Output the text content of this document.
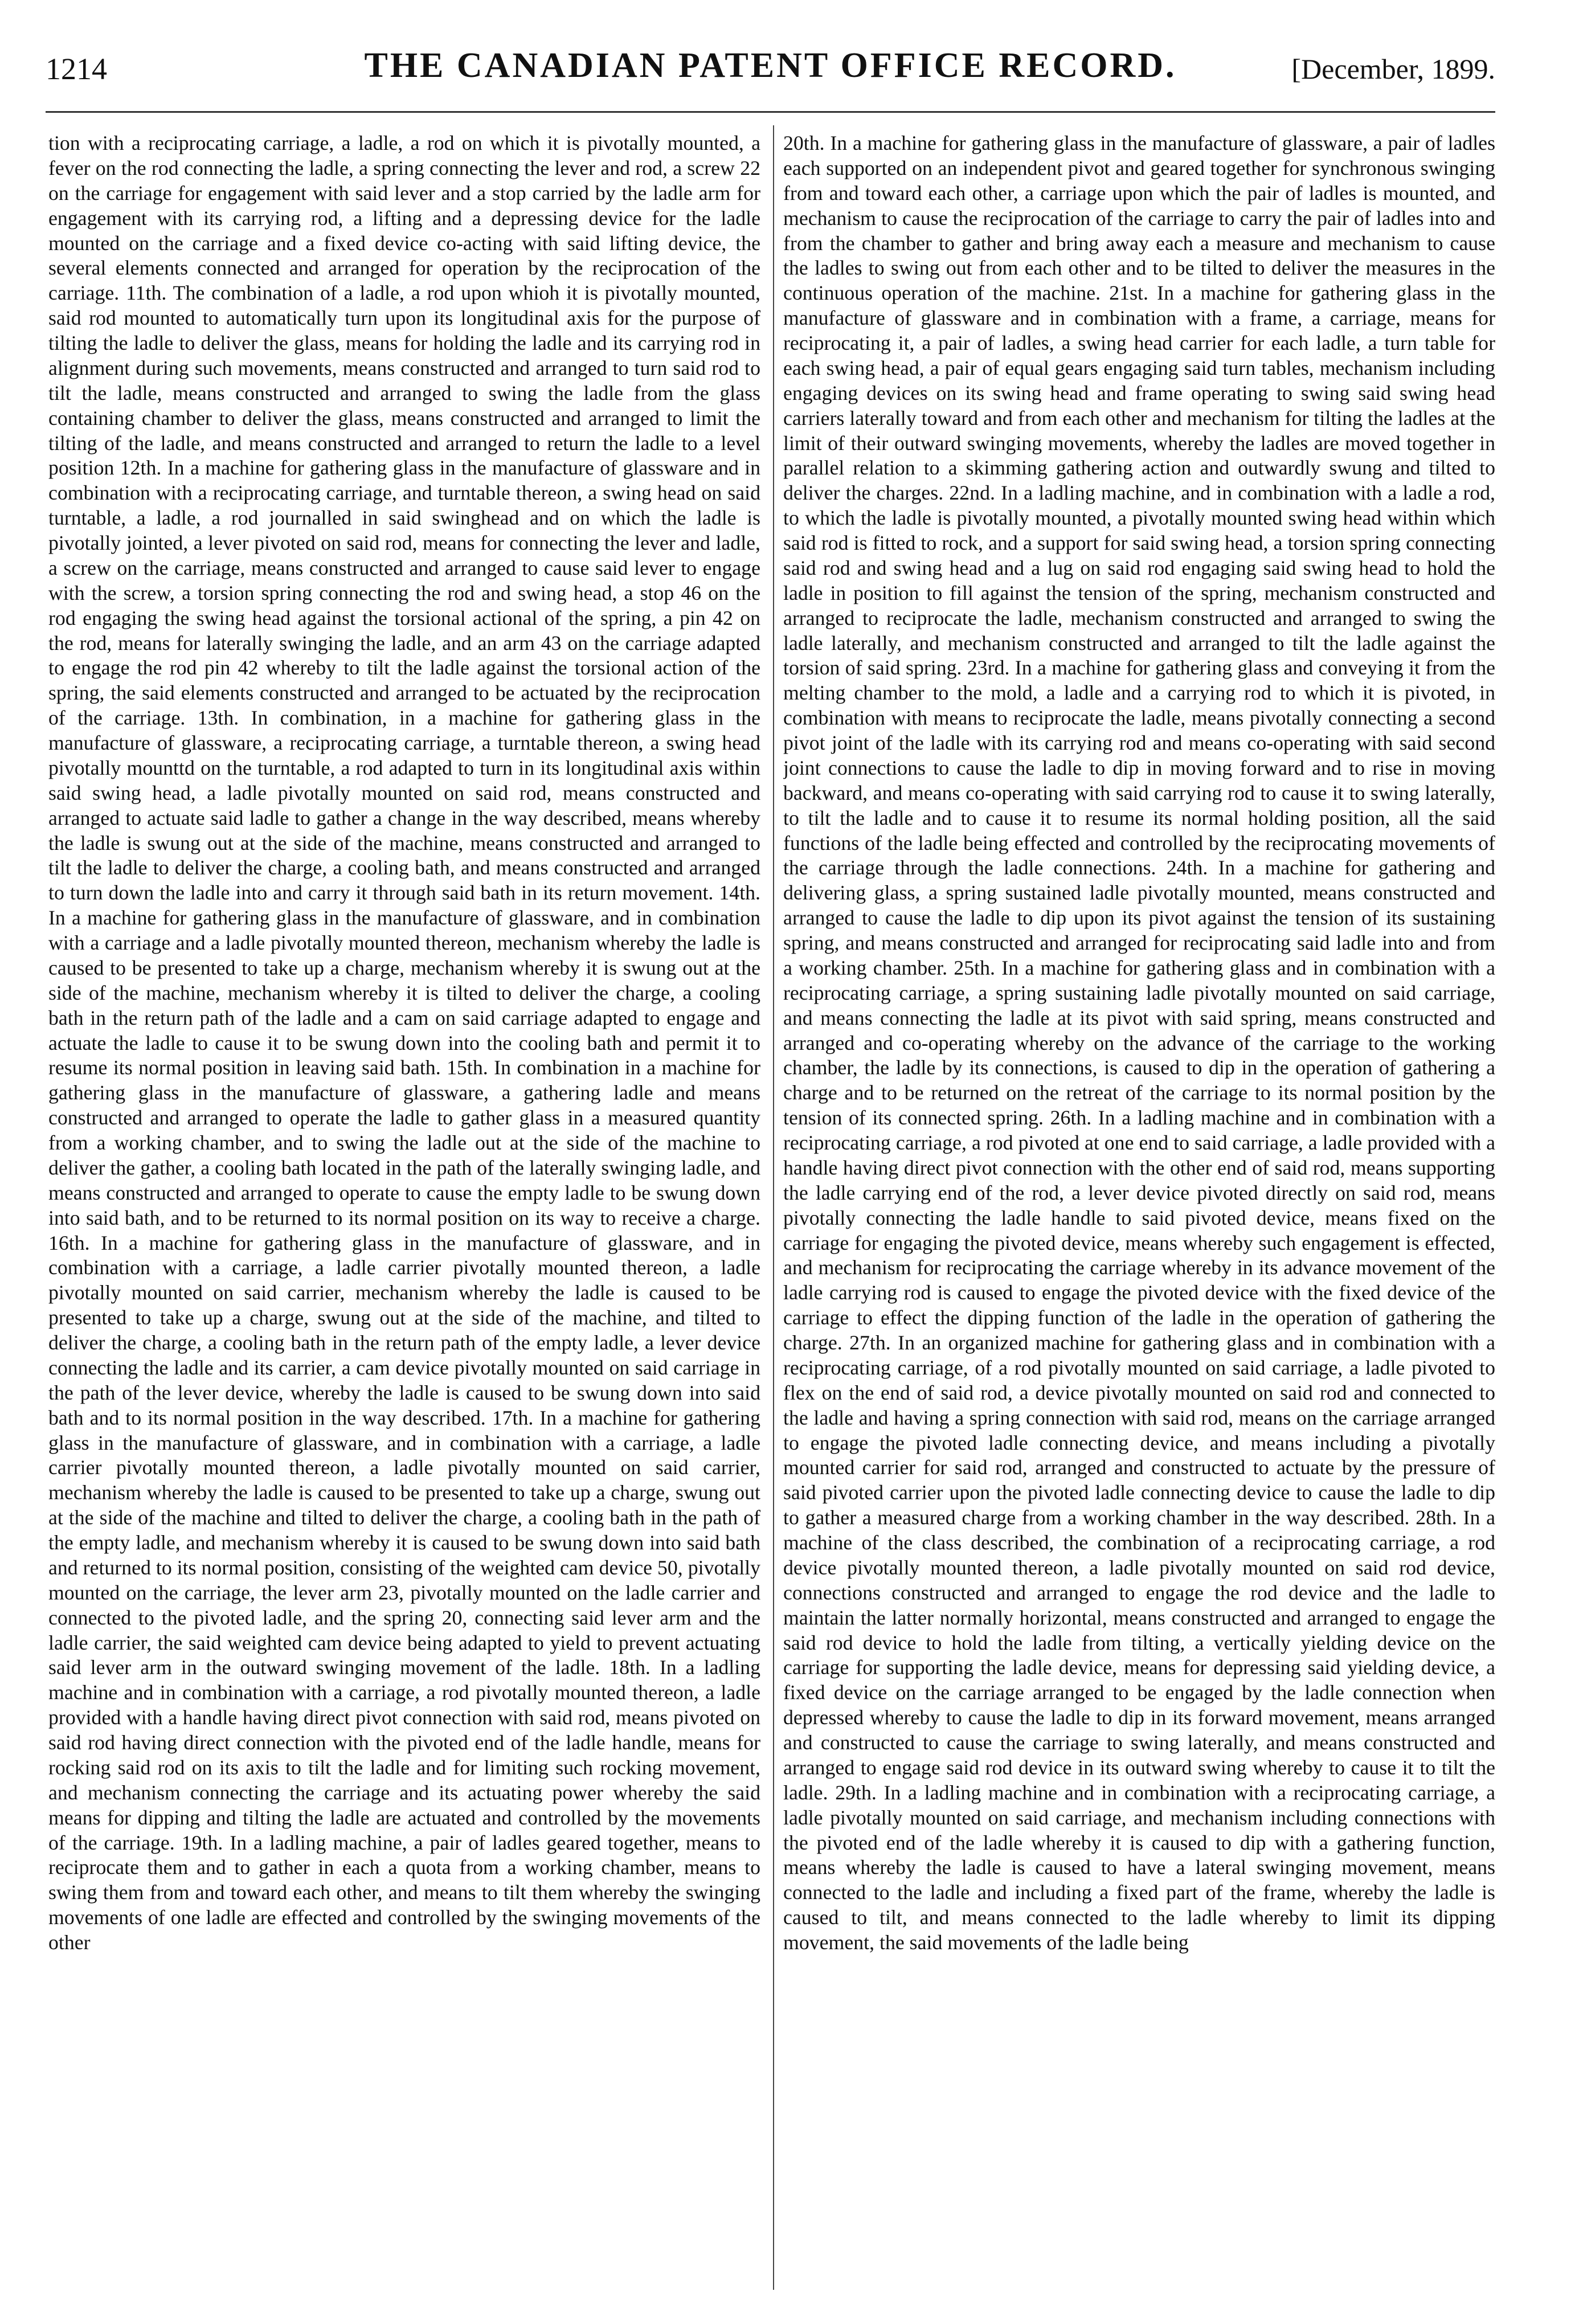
1214	THE CANADIAN PATENT OFFICE RECORD.	[December, 1899.
tion with a reciprocating carriage, a ladle, a rod on which it is pivotally mounted, a fever on the rod connecting the ladle, a spring connecting the lever and rod, a screw 22 on the carriage for engagement with said lever and a stop carried by the ladle arm for engagement with its carrying rod, a lifting and a depressing device for the ladle mounted on the carriage and a fixed device co-acting with said lifting device, the several elements connected and arranged for operation by the reciprocation of the carriage. 11th. The combination of a ladle, a rod upon whioh it is pivotally mounted, said rod mounted to automatically turn upon its longitudinal axis for the purpose of tilting the ladle to deliver the glass, means for holding the ladle and its carrying rod in alignment during such movements, means constructed and arranged to turn said rod to tilt the ladle, means constructed and arranged to swing the ladle from the glass containing chamber to deliver the glass, means constructed and arranged to limit the tilting of the ladle, and means constructed and arranged to return the ladle to a level position 12th. In a machine for gathering glass in the manufacture of glassware and in combination with a reciprocating carriage, and turntable thereon, a swing head on said turntable, a ladle, a rod journalled in said swinghead and on which the ladle is pivotally jointed, a lever pivoted on said rod, means for connecting the lever and ladle, a screw on the carriage, means constructed and arranged to cause said lever to engage with the screw, a torsion spring connecting the rod and swing head, a stop 46 on the rod engaging the swing head against the torsional actional of the spring, a pin 42 on the rod, means for laterally swinging the ladle, and an arm 43 on the carriage adapted to engage the rod pin 42 whereby to tilt the ladle against the torsional action of the spring, the said elements constructed and arranged to be actuated by the reciprocation of the carriage. 13th. In combination, in a machine for gathering glass in the manufacture of glassware, a reciprocating carriage, a turntable thereon, a swing head pivotally mounttd on the turntable, a rod adapted to turn in its longitudinal axis within said swing head, a ladle pivotally mounted on said rod, means constructed and arranged to actuate said ladle to gather a change in the way described, means whereby the ladle is swung out at the side of the machine, means constructed and arranged to tilt the ladle to deliver the charge, a cooling bath, and means constructed and arranged to turn down the ladle into and carry it through said bath in its return movement. 14th. In a machine for gathering glass in the manufacture of glassware, and in combination with a carriage and a ladle pivotally mounted thereon, mechanism whereby the ladle is caused to be presented to take up a charge, mechanism whereby it is swung out at the side of the machine, mechanism whereby it is tilted to deliver the charge, a cooling bath in the return path of the ladle and a cam on said carriage adapted to engage and actuate the ladle to cause it to be swung down into the cooling bath and permit it to resume its normal position in leaving said bath. 15th. In combination in a machine for gathering glass in the manufacture of glassware, a gathering ladle and means constructed and arranged to operate the ladle to gather glass in a measured quantity from a working chamber, and to swing the ladle out at the side of the machine to deliver the gather, a cooling bath located in the path of the laterally swinging ladle, and means constructed and arranged to operate to cause the empty ladle to be swung down into said bath, and to be returned to its normal position on its way to receive a charge. 16th. In a machine for gathering glass in the manufacture of glassware, and in combination with a carriage, a ladle carrier pivotally mounted thereon, a ladle pivotally mounted on said carrier, mechanism whereby the ladle is caused to be presented to take up a charge, swung out at the side of the machine, and tilted to deliver the charge, a cooling bath in the return path of the empty ladle, a lever device connecting the ladle and its carrier, a cam device pivotally mounted on said carriage in the path of the lever device, whereby the ladle is caused to be swung down into said bath and to its normal position in the way described. 17th. In a machine for gathering glass in the manufacture of glassware, and in combination with a carriage, a ladle carrier pivotally mounted thereon, a ladle pivotally mounted on said carrier, mechanism whereby the ladle is caused to be presented to take up a charge, swung out at the side of the machine and tilted to deliver the charge, a cooling bath in the path of the empty ladle, and mechanism whereby it is caused to be swung down into said bath and returned to its normal position, consisting of the weighted cam device 50, pivotally mounted on the carriage, the lever arm 23, pivotally mounted on the ladle carrier and connected to the pivoted ladle, and the spring 20, connecting said lever arm and the ladle carrier, the said weighted cam device being adapted to yield to prevent actuating said lever arm in the outward swinging movement of the ladle. 18th. In a ladling machine and in combination with a carriage, a rod pivotally mounted thereon, a ladle provided with a handle having direct pivot connection with said rod, means pivoted on said rod having direct connection with the pivoted end of the ladle handle, means for rocking said rod on its axis to tilt the ladle and for limiting such rocking movement, and mechanism connecting the carriage and its actuating power whereby the said means for dipping and tilting the ladle are actuated and controlled by the movements of the carriage. 19th. In a ladling machine, a pair of ladles geared together, means to reciprocate them and to gather in each a quota from a working chamber, means to swing them from and toward each other, and means to tilt them whereby the swinging movements of one ladle are effected and controlled by the swinging movements of the other
20th. In a machine for gathering glass in the manufacture of glassware, a pair of ladles each supported on an independent pivot and geared together for synchronous swinging from and toward each other, a carriage upon which the pair of ladles is mounted, and mechanism to cause the reciprocation of the carriage to carry the pair of ladles into and from the chamber to gather and bring away each a measure and mechanism to cause the ladles to swing out from each other and to be tilted to deliver the measures in the continuous operation of the machine. 21st. In a machine for gathering glass in the manufacture of glassware and in combination with a frame, a carriage, means for reciprocating it, a pair of ladles, a swing head carrier for each ladle, a turn table for each swing head, a pair of equal gears engaging said turn tables, mechanism including engaging devices on its swing head and frame operating to swing said swing head carriers laterally toward and from each other and mechanism for tilting the ladles at the limit of their outward swinging movements, whereby the ladles are moved together in parallel relation to a skimming gathering action and outwardly swung and tilted to deliver the charges. 22nd. In a ladling machine, and in combination with a ladle a rod, to which the ladle is pivotally mounted, a pivotally mounted swing head within which said rod is fitted to rock, and a support for said swing head, a torsion spring connecting said rod and swing head and a lug on said rod engaging said swing head to hold the ladle in position to fill against the tension of the spring, mechanism constructed and arranged to reciprocate the ladle, mechanism constructed and arranged to swing the ladle laterally, and mechanism constructed and arranged to tilt the ladle against the torsion of said spring. 23rd. In a machine for gathering glass and conveying it from the melting chamber to the mold, a ladle and a carrying rod to which it is pivoted, in combination with means to reciprocate the ladle, means pivotally connecting a second pivot joint of the ladle with its carrying rod and means co-operating with said second joint connections to cause the ladle to dip in moving forward and to rise in moving backward, and means co-operating with said carrying rod to cause it to swing laterally, to tilt the ladle and to cause it to resume its normal holding position, all the said functions of the ladle being effected and controlled by the reciprocating movements of the carriage through the ladle connections. 24th. In a machine for gathering and delivering glass, a spring sustained ladle pivotally mounted, means constructed and arranged to cause the ladle to dip upon its pivot against the tension of its sustaining spring, and means constructed and arranged for reciprocating said ladle into and from a working chamber. 25th. In a machine for gathering glass and in combination with a reciprocating carriage, a spring sustaining ladle pivotally mounted on said carriage, and means connecting the ladle at its pivot with said spring, means constructed and arranged and co-operating whereby on the advance of the carriage to the working chamber, the ladle by its connections, is caused to dip in the operation of gathering a charge and to be returned on the retreat of the carriage to its normal position by the tension of its connected spring. 26th. In a ladling machine and in combination with a reciprocating carriage, a rod pivoted at one end to said carriage, a ladle provided with a handle having direct pivot connection with the other end of said rod, means supporting the ladle carrying end of the rod, a lever device pivoted directly on said rod, means pivotally connecting the ladle handle to said pivoted device, means fixed on the carriage for engaging the pivoted device, means whereby such engagement is effected, and mechanism for reciprocating the carriage whereby in its advance movement of the ladle carrying rod is caused to engage the pivoted device with the fixed device of the carriage to effect the dipping function of the ladle in the operation of gathering the charge. 27th. In an organized machine for gathering glass and in combination with a reciprocating carriage, of a rod pivotally mounted on said carriage, a ladle pivoted to flex on the end of said rod, a device pivotally mounted on said rod and connected to the ladle and having a spring connection with said rod, means on the carriage arranged to engage the pivoted ladle connecting device, and means including a pivotally mounted carrier for said rod, arranged and constructed to actuate by the pressure of said pivoted carrier upon the pivoted ladle connecting device to cause the ladle to dip to gather a measured charge from a working chamber in the way described. 28th. In a machine of the class described, the combination of a reciprocating carriage, a rod device pivotally mounted thereon, a ladle pivotally mounted on said rod device, connections constructed and arranged to engage the rod device and the ladle to maintain the latter normally horizontal, means constructed and arranged to engage the said rod device to hold the ladle from tilting, a vertically yielding device on the carriage for supporting the ladle device, means for depressing said yielding device, a fixed device on the carriage arranged to be engaged by the ladle connection when depressed whereby to cause the ladle to dip in its forward movement, means arranged and constructed to cause the carriage to swing laterally, and means constructed and arranged to engage said rod device in its outward swing whereby to cause it to tilt the ladle. 29th. In a ladling machine and in combination with a reciprocating carriage, a ladle pivotally mounted on said carriage, and mechanism including connections with the pivoted end of the ladle whereby it is caused to dip with a gathering function, means whereby the ladle is caused to have a lateral swinging movement, means connected to the ladle and including a fixed part of the frame, whereby the ladle is caused to tilt, and means connected to the ladle whereby to limit its dipping movement, the said movements of the ladle being
